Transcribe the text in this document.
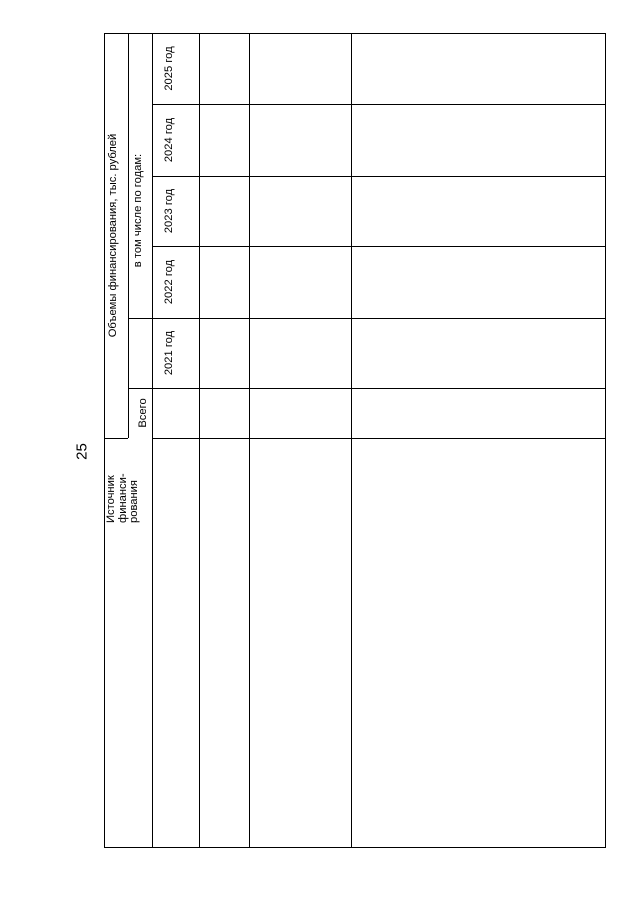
25
Объемы финансирования, тыс. рублей	в том числе по годам:
Всего
2021 год
2022 год
2023 год
2024 год
2025 год
Источник финанси-рования
